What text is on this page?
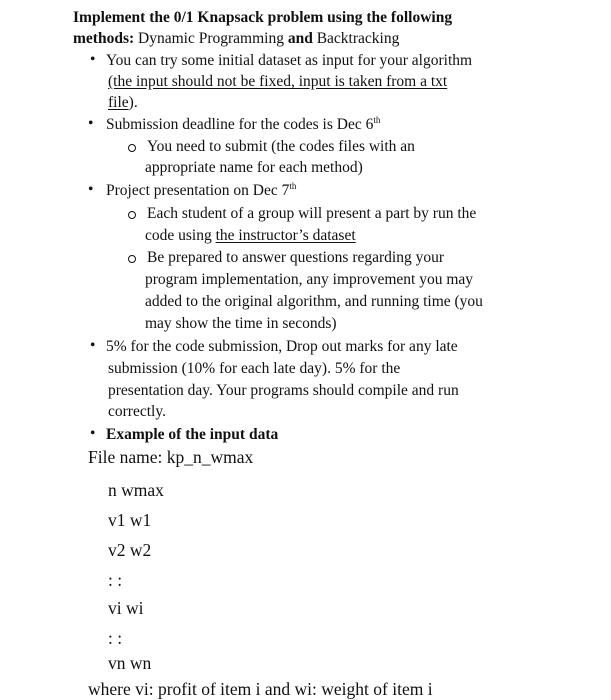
Implement the 0/1 Knapsack problem using the following
methods: Dynamic Programming and Backtracking
• You can try some initial dataset as input for your algorithm
(the input should not be fixed, input is taken from a txt
file).
• Submission deadline for the codes is Dec 6th
You need to submit (the codes files with an
appropriate name for each method)
• Project presentation on Dec 7th
Each student of a group will present a part by run the
code using the instructor’s dataset
Be prepared to answer questions regarding your
program implementation, any improvement you may
added to the original algorithm, and running time (you
may show the time in seconds)
• 5% for the code submission, Drop out marks for any late
submission (10% for each late day). 5% for the
presentation day. Your programs should compile and run
correctly.
• Example of the input data
File name: kp_n_wmax
n wmax
v1 w1
v2 w2
: :
vi wi
: :
vn wn
where vi: profit of item i and wi: weight of item i
